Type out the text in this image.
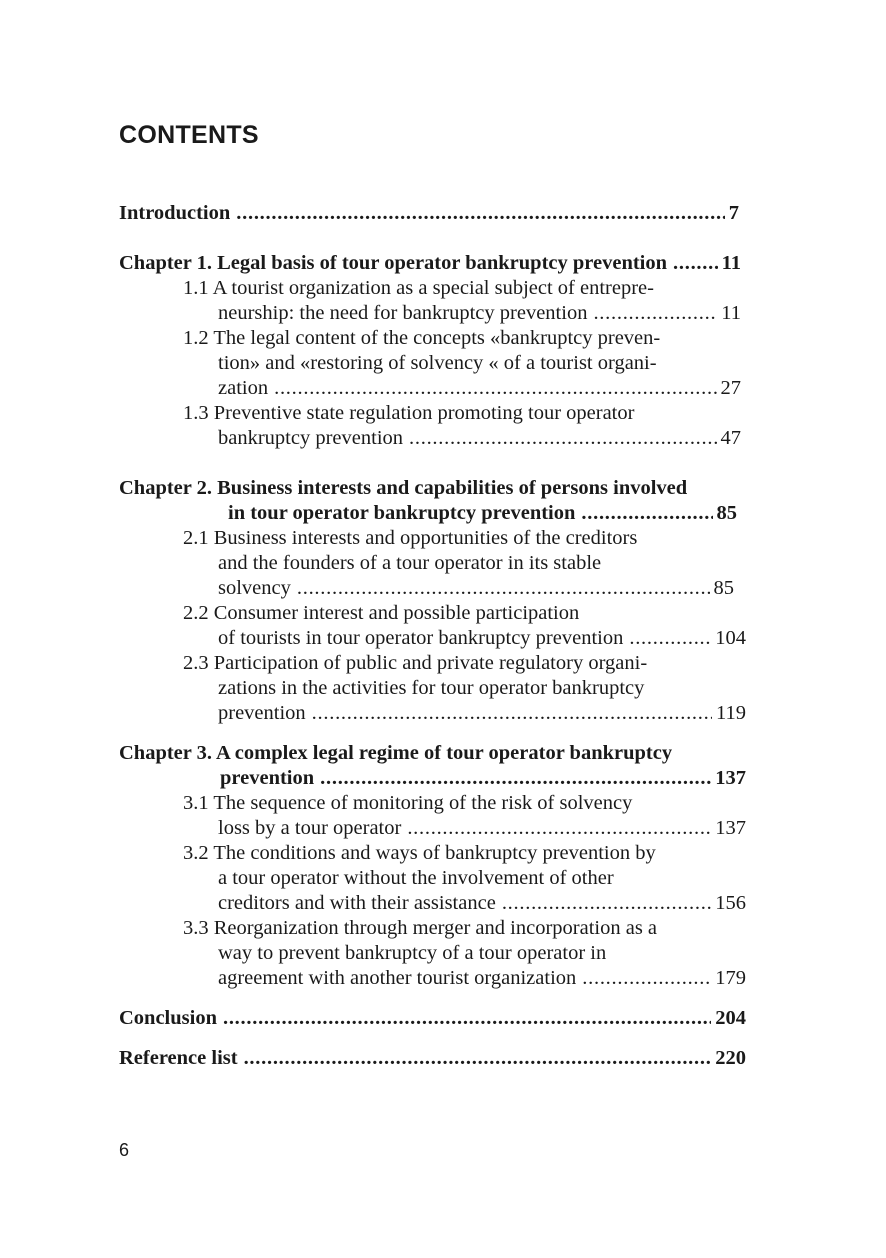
CONTENTS
Introduction . . .	7
Chapter 1. Legal basis of tour operator bankruptcy prevention . . .	11
1.1 A tourist organization as a special subject of entrepre-
neurship: the need for bankruptcy prevention . . .	11
1.2 The legal content of the concepts «bankruptcy preven-
tion» and «restoring of solvency « of a tourist organi-
zation . . .	27
1.3 Preventive state regulation promoting tour operator
bankruptcy prevention . . .	47
Chapter 2. Business interests and capabilities of persons involved
in tour operator bankruptcy prevention . . .	85
2.1 Business interests and opportunities of the creditors
and the founders of a tour operator in its stable
solvency . . .	85
2.2 Consumer interest and possible participation
of tourists in tour operator bankruptcy prevention . . .	104
2.3 Participation of public and private regulatory organi-
zations in the activities for tour operator bankruptcy
prevention . . .	119
Chapter 3. A complex legal regime of tour operator bankruptcy
prevention . . .	137
3.1 The sequence of monitoring of the risk of solvency
loss by a tour operator . . .	137
3.2 The conditions and ways of bankruptcy prevention by
a tour operator without the involvement of other
creditors and with their assistance . . .	156
3.3 Reorganization through merger and incorporation as a
way to prevent bankruptcy of a tour operator in
agreement with another tourist organization . . .	179
Conclusion . . .	204
Reference list . . .	220
6
